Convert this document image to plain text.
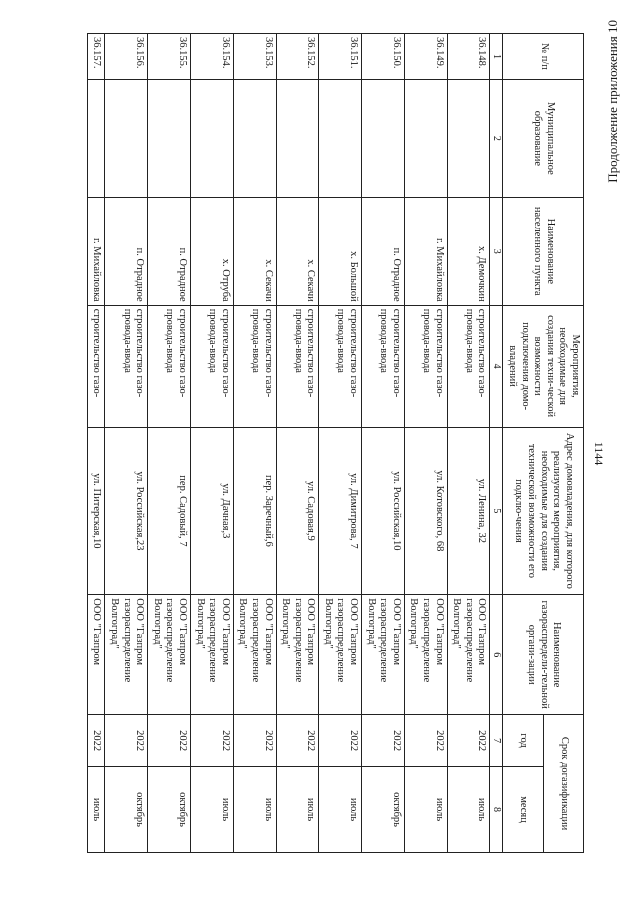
1144
Продолжение приложения 10
№ п/п	Муниципальное образование	Наименование населенного пункта	Мероприятия, необходимые для создания техни-ческой возможности подключения домо-владений	Адрес домовладения, для которого реализуются мероприятия, необходимые для создания технической возможности его подклю-чения	Наименование газораспредели-тельной органи-зации	Срок догазификации	
						год	месяц
1	2	3	4	5	6	7	8
36.148.		х. Демочкин	строительство газо-провода-ввода	ул. Ленина, 32	ООО "Газпром газораспределение Волгоград"	2022	июль
36.149.		г. Михайловка	строительство газо-провода-ввода	ул. Котовского, 68	ООО "Газпром газораспределение Волгоград"	2022	июль
36.150.		п. Отрадное	строительство газо-провода-ввода	ул. Российская,10	ООО "Газпром газораспределение Волгоград"	2022	октябрь
36.151.		х. Большой	строительство газо-провода-ввода	ул. Димитрова, 7	ООО "Газпром газораспределение Волгоград"	2022	июль
36.152.		х. Секачи	строительство газо-провода-ввода	ул. Садовая,9	ООО "Газпром газораспределение Волгоград"	2022	июль
36.153.		х. Секачи	строительство газо-провода-ввода	пер. Заречный,6	ООО "Газпром газораспределение Волгоград"	2022	июль
36.154.		х. Отруба	строительство газо-провода-ввода	ул. Дачная,3	ООО "Газпром газораспределение Волгоград"	2022	июль
36.155.		п. Отрадное	строительство газо-провода-ввода	пер. Садовый, 7	ООО "Газпром газораспределение Волгоград"	2022	октябрь
36.156.		п. Отрадное	строительство газо-провода-ввода	ул. Российская,23	ООО "Газпром газораспределение Волгоград"	2022	октябрь
36.157.		г. Михайловка	строительство газо-	ул. Питерская,10	ООО "Газпром	2022	июль
